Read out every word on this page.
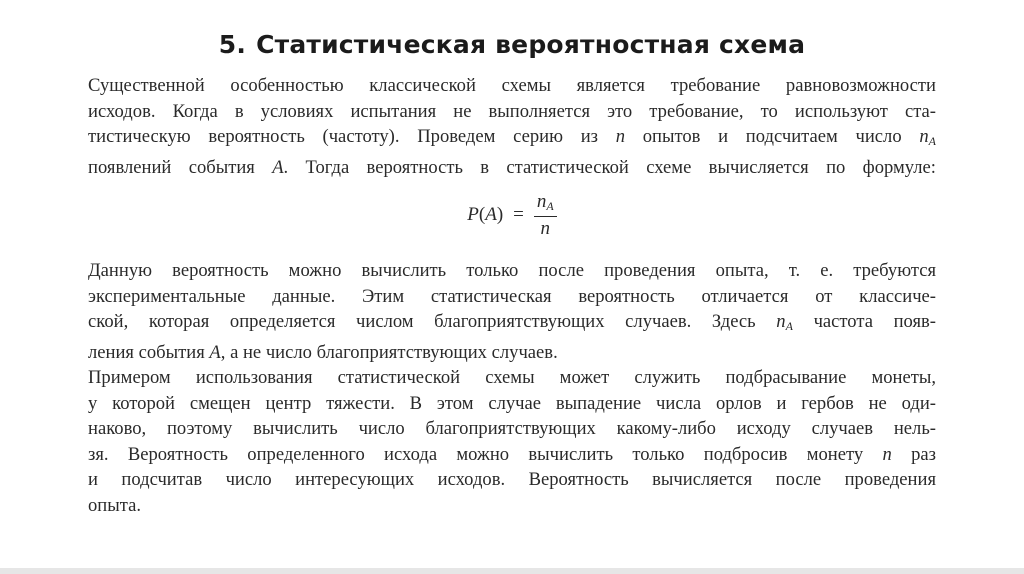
5. Статистическая вероятностная схема
Существенной особенностью классической схемы является требование равновозможности
исходов. Когда в условиях испытания не выполняется это требование, то используют ста-
тистическую вероятность (частоту). Проведем серию из n опытов и подсчитаем число $n_A$
появлений события A. Тогда вероятность в статистической схеме вычисляется по формуле:
$P(A) = \frac{n_A}{n}$
Данную вероятность можно вычислить только после проведения опыта, т. е. требуются
экспериментальные данные. Этим статистическая вероятность отличается от классиче-
ской, которая определяется числом благоприятствующих случаев. Здесь $n_A$ частота появ-
ления события A, а не число благоприятствующих случаев.
Примером использования статистической схемы может служить подбрасывание монеты,
у которой смещен центр тяжести. В этом случае выпадение числа орлов и гербов не оди-
наково, поэтому вычислить число благоприятствующих какому-либо исходу случаев нель-
зя. Вероятность определенного исхода можно вычислить только подбросив монету n раз
и подсчитав число интересующих исходов. Вероятность вычисляется после проведения
опыта.
